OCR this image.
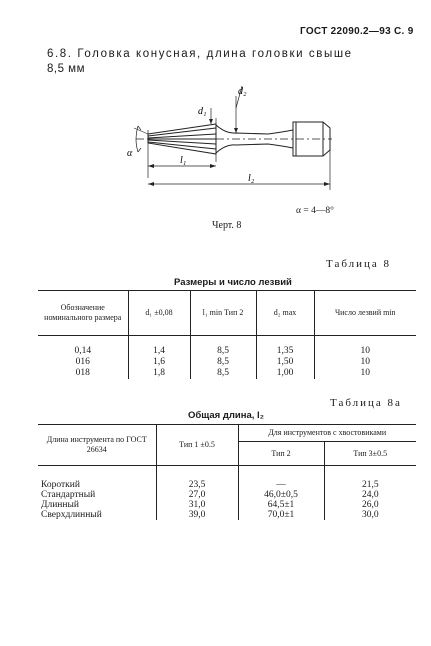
ГОСТ 22090.2—93 С. 9
6.8. Головка конусная, длина головки свыше
8,5 мм
α
d₁
d₂
l₁
l₂
α = 4—8°
Черт. 8
Таблица 8
Размеры и число лезвий
Обозначение номинального размера	d₁ ±0,08	l₁ min Тип 2	d₂ max	Число лезвий min
0,14	1,4	8,5	1,35	10
016	1,6	8,5	1,50	10
018	1,8	8,5	1,00	10
Таблица 8а
Общая длина, l₂
Длина инструмента по ГОСТ 26634	Тип 1 ±0.5	Для инструментов с хвостовиками	
		Тип 2	Тип 3±0.5
Короткий	23,5	—	21,5
Стандартный	27,0	46,0±0,5	24,0
Длинный	31,0	64,5±1	26,0
Сверхдлинный	39,0	70,0±1	30,0
